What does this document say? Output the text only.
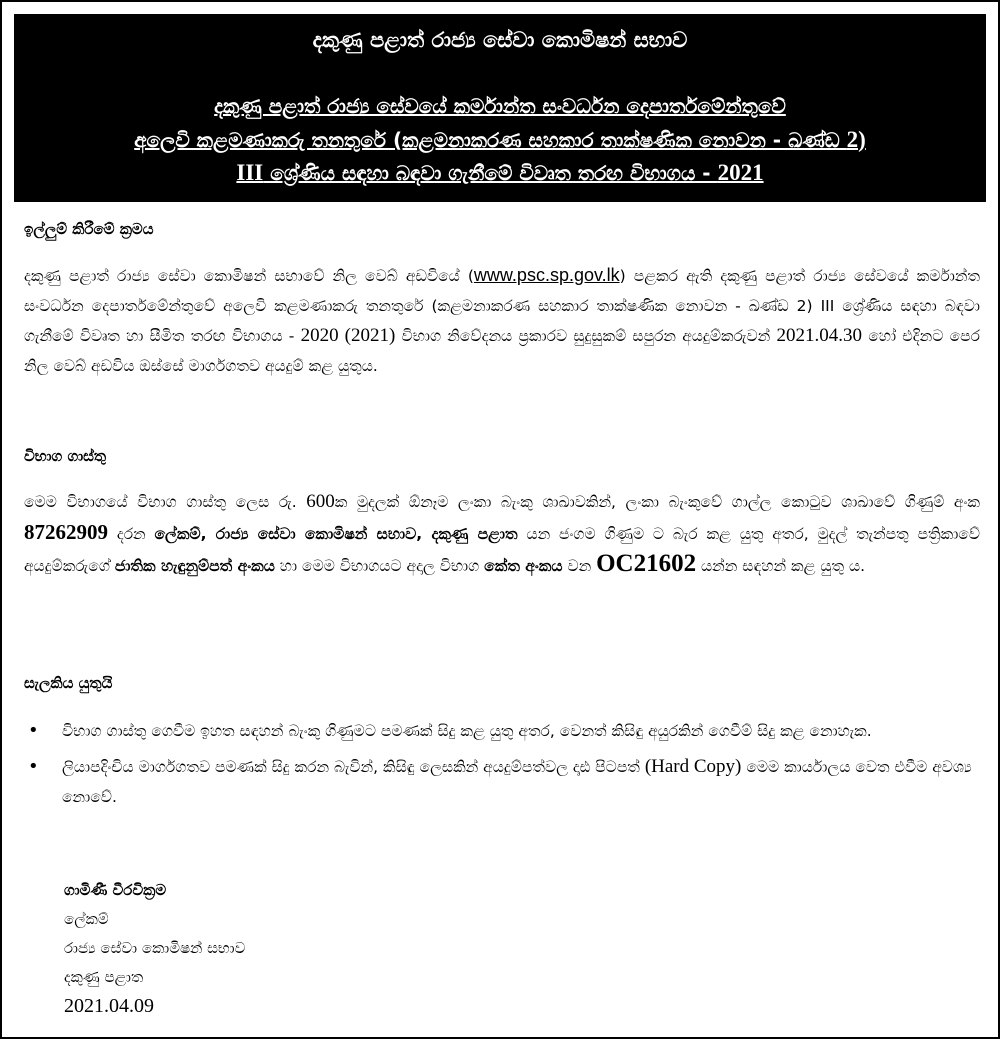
දකුණු පළාත් රාජ්‍ය සේවා කොමිෂන් සභාව
දකුණු පළාත් රාජ්‍ය සේවයේ කර්මාන්ත සංවර්ධන දෙපාර්තමේන්තුවේ
අලෙවි කළමණාකරු තනතුරේ (කළමනාකරණ සහකාර තාක්ෂණික නොවන - ඛණ්ඩ 2)
III ශ්‍රේණිය සඳහා බඳවා ගැනීමේ විවෘත තරඟ විභාගය - 2021
ඉල්ලුම් කිරීමේ ක්‍රමය
දකුණු පළාත් රාජ්‍ය සේවා කොමිෂන් සභාවේ නිල වෙබ් අඩවියේ (www.psc.sp.gov.lk) පළකර ඇති දකුණු පළාත් රාජ්‍ය සේවයේ කර්මාන්ත සංවර්ධන දෙපාර්තමේන්තුවේ අලෙවි කළමණාකරු තනතුරේ (කළමනාකරණ සහකාර තාක්ෂණික නොවන - ඛණ්ඩ 2) III ශ්‍රේණිය සඳහා බඳවා ගැනීමේ විවෘත හා සීමිත තරඟ විභාගය - 2020 (2021) විභාග නිවේදනය ප්‍රකාරව සුදුසුකම් සපුරන අයදුම්කරුවන් 2021.04.30 හෝ එදිනට පෙර නිල වෙබ් අඩවිය ඔස්සේ මාර්ගගතව අයදුම් කළ යුතුය.
විභාග ගාස්තු
මෙම විභාගයේ විභාග ගාස්තු ලෙස රු. 600ක මුදලක් ඕනෑම ලංකා බැංකු ශාඛාවකින්, ලංකා බැංකුවේ ගාල්ල කොටුව ශාඛාවේ ගිණුම් අංක 87262909 දරන ලේකම්, රාජ්‍ය සේවා කොමිෂන් සභාව, දකුණු පළාත යන ජංගම ගිණුම ට බැර කළ යුතු අතර, මුදල් තැන්පතු පත්‍රිකාවේ අයදුම්කරුගේ ජාතික හැඳුනුම්පත් අංකය හා මෙම විභාගයට අදාල විභාග කේත අංකය වන OC21602 යන්න සඳහන් කළ යුතු ය.
සැලකිය යුතුයි
• විභාග ගාස්තු ගෙවීම ඉහත සඳහන් බැංකු ගිණුමට පමණක් සිදු කළ යුතු අතර, වෙනත් කිසිඳු අයුරකින් ගෙවීම් සිදු කළ නොහැක.
• ලියාපදිංචිය මාර්ගගතව පමණක් සිදු කරන බැවින්, කිසිඳු ලෙසකින් අයදුම්පත්වල දෘඪ පිටපත් (Hard Copy) මෙම කාර්යාලය වෙත එවීම අවශ්‍ය නොවේ.
ගාමිණී වීරවික්‍රම
ලේකම්
රාජ්‍ය සේවා කොමිෂන් සභාව
දකුණු පළාත
2021.04.09
